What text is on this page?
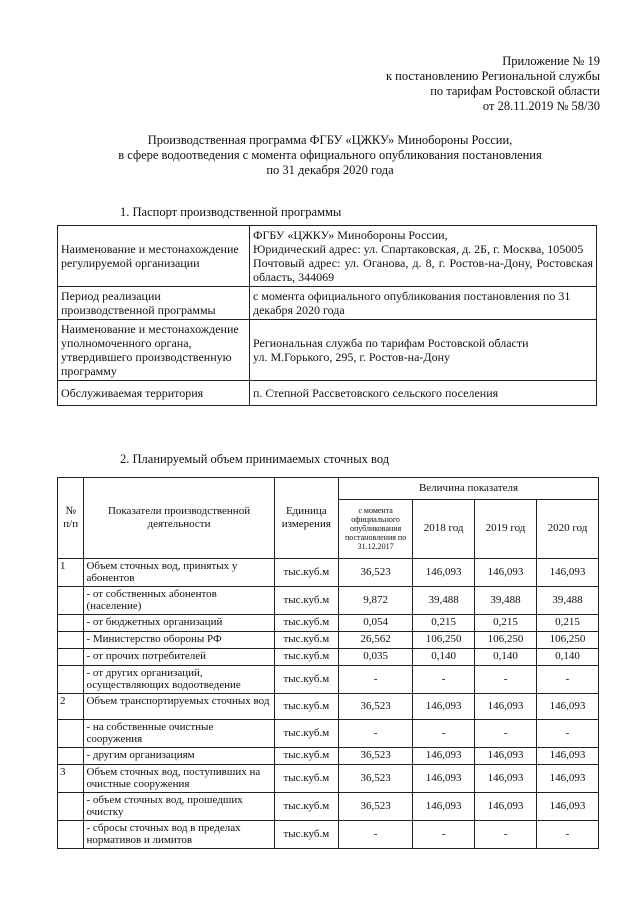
Приложение № 19
к постановлению Региональной службы
по тарифам Ростовской области
от 28.11.2019 № 58/30
Производственная программа ФГБУ «ЦЖКУ» Минобороны России,
в сфере водоотведения с момента официального опубликования постановления
по 31 декабря 2020 года
1. Паспорт производственной программы
Наименование и местонахождение регулируемой организации	ФГБУ «ЦЖКУ» Минобороны России,
Юридический адрес: ул. Спартаковская, д. 2Б, г. Москва, 105005
Почтовый адрес: ул. Оганова, д. 8, г. Ростов-на-Дону, Ростовская область, 344069

Период реализации производственной программы	с момента официального опубликования постановления по 31 декабря 2020 года
Наименование и местонахождение уполномоченного органа, утвердившего производственную программу	Региональная служба по тарифам Ростовской области
ул. М.Горького, 295, г. Ростов-на-Дону

Обслуживаемая территория	п. Степной Рассветовского сельского поселения
2. Планируемый объем принимаемых сточных вод
№ п/п	Показатели производственной деятельности	Единица измерения	Величина показателя			
			с момента официального опубликования постановления по 31.12.2017	2018 год	2019 год	2020 год
1	Объем сточных вод, принятых у абонентов	тыс.куб.м	36,523	146,093	146,093	146,093
	- от собственных абонентов (население)	тыс.куб.м	9,872	39,488	39,488	39,488
	- от бюджетных организаций	тыс.куб.м	0,054	0,215	0,215	0,215
	- Министерство обороны РФ	тыс.куб.м	26,562	106,250	106,250	106,250
	- от прочих потребителей	тыс.куб.м	0,035	0,140	0,140	0,140
	- от других организаций, осуществляющих водоотведение	тыс.куб.м	-	-	-	-
2	Объем транспортируемых сточных вод	тыс.куб.м	36,523	146,093	146,093	146,093
	- на собственные очистные сооружения	тыс.куб.м	-	-	-	-
	- другим организациям	тыс.куб.м	36,523	146,093	146,093	146,093
3	Объем сточных вод, поступивших на очистные сооружения	тыс.куб.м	36,523	146,093	146,093	146,093
	- объем сточных вод, прошедших очистку	тыс.куб.м	36,523	146,093	146,093	146,093
	- сбросы сточных вод в пределах нормативов и лимитов	тыс.куб.м	-	-	-	-
